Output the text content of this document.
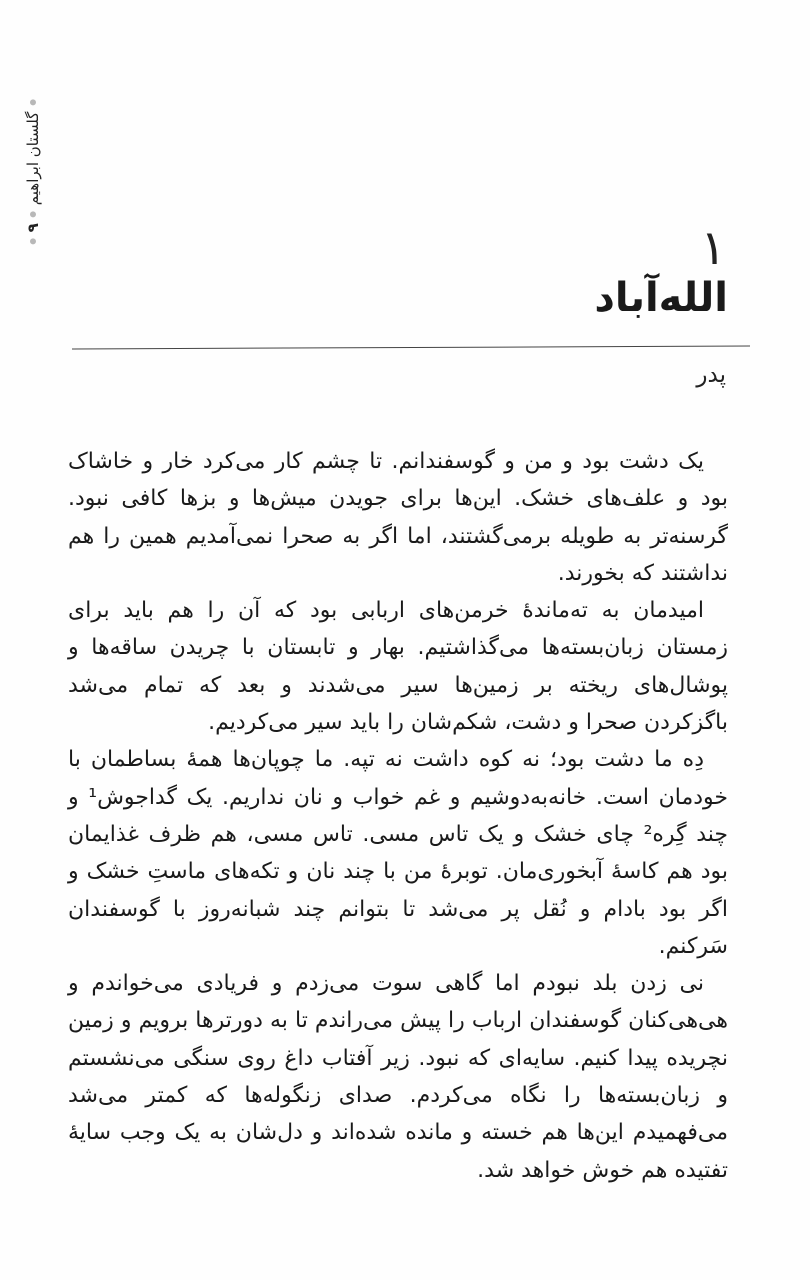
گلستان ابراهیم
۹	۱
الله‌آباد
پدر

یک دشت بود و من و گوسفندانم. تا چشم کار می‌کرد خار و خاشاک بود و علف‌های خشک. این‌ها برای جویدن میش‌ها و بزها کافی نبود. گرسنه‌تر به طویله برمی‌گشتند، اما اگر به صحرا نمی‌آمدیم همین را هم نداشتند که بخورند.

امیدمان به ته‌ماندهٔ خرمن‌های اربابی بود که آن را هم باید برای زمستان زبان‌بسته‌ها می‌گذاشتیم. بهار و تابستان با چریدن ساقه‌ها و پوشال‌های ریخته بر زمین‌ها سیر می‌شدند و بعد که تمام می‌شد باگزکردن صحرا و دشت، شکم‌شان را باید سیر می‌کردیم.

دِه ما دشت بود؛ نه کوه داشت نه تپه. ما چوپان‌ها همهٔ بساطمان با خودمان است. خانه‌به‌دوشیم و غم خواب و نان نداریم. یک گداجوش¹ و چند گِره² چای خشک و یک تاس مسی. تاس مسی، هم ظرف غذایمان بود هم کاسهٔ آبخوری‌مان. توبرهٔ من با چند نان و تکه‌های ماستِ خشک و اگر بود بادام و نُقل پر می‌شد تا بتوانم چند شبانه‌روز با گوسفندان سَرکنم.

نی زدن بلد نبودم اما گاهی سوت می‌زدم و فریادی می‌خواندم و هی‌هی‌کنان گوسفندان ارباب را پیش می‌راندم تا به دورترها برویم و زمین نچریده پیدا کنیم. سایه‌ای که نبود. زیر آفتاب داغ روی سنگی می‌نشستم و زبان‌بسته‌ها را نگاه می‌کردم. صدای زنگوله‌ها که کمتر می‌شد می‌فهمیدم این‌ها هم خسته و مانده شده‌اند و دل‌شان به یک وجب سایهٔ تفتیده هم خوش خواهد شد.
